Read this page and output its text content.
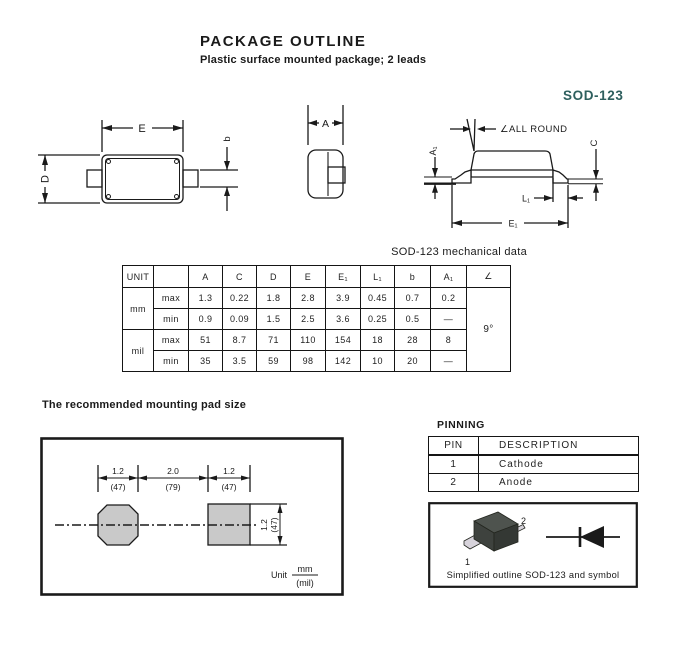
PACKAGE OUTLINE
Plastic surface mounted package; 2 leads
SOD-123
E
D
b
A	∠ALL ROUND
A₁
C
L₁
E₁
SOD-123 mechanical data
UNIT		A	C	D	E	E₁	L₁	b	A₁	∠
mm	max	1.3	0.22	1.8	2.8	3.9	0.45	0.7	0.2	9°
	min	0.9	0.09	1.5	2.5	3.6	0.25	0.5	—	
mil	max	51	8.7	71	110	154	18	28	8	
	min	35	3.5	59	98	142	10	20	—	
The recommended mounting pad size
1.2
(47)
2.0
(79)
1.2
(47)
1.2 (47)
Unit
mm
(mil)
PINNING
PIN	DESCRIPTION
1	Cathode
2	Anode
1
2
Simplified outline SOD-123 and symbol
